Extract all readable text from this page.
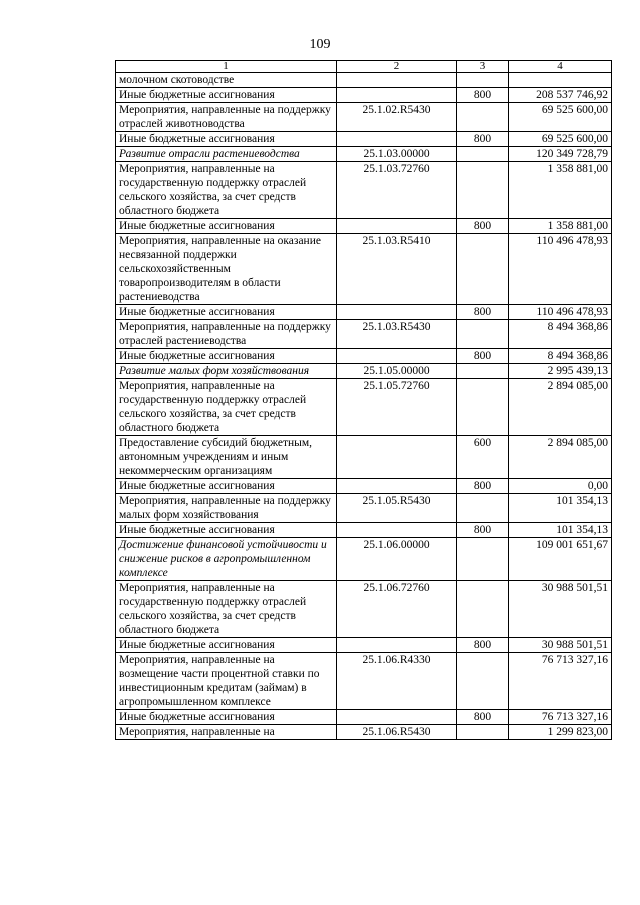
109
1	2	3	4
молочном скотоводстве			
Иные бюджетные ассигнования		800	208 537 746,92
Мероприятия, направленные на поддержку отраслей животноводства	25.1.02.R5430		69 525 600,00
Иные бюджетные ассигнования		800	69 525 600,00
Развитие отрасли растениеводства	25.1.03.00000		120 349 728,79
Мероприятия, направленные на государственную поддержку отраслей сельского хозяйства, за счет средств областного бюджета	25.1.03.72760		1 358 881,00
Иные бюджетные ассигнования		800	1 358 881,00
Мероприятия, направленные на оказание несвязанной поддержки сельскохозяйственным товаропроизводителям в области растениеводства	25.1.03.R5410		110 496 478,93
Иные бюджетные ассигнования		800	110 496 478,93
Мероприятия, направленные на поддержку отраслей растениеводства	25.1.03.R5430		8 494 368,86
Иные бюджетные ассигнования		800	8 494 368,86
Развитие малых форм хозяйствования	25.1.05.00000		2 995 439,13
Мероприятия, направленные на государственную поддержку отраслей сельского хозяйства, за счет средств областного бюджета	25.1.05.72760		2 894 085,00
Предоставление субсидий бюджетным, автономным учреждениям и иным некоммерческим организациям		600	2 894 085,00
Иные бюджетные ассигнования		800	0,00
Мероприятия, направленные на поддержку малых форм хозяйствования	25.1.05.R5430		101 354,13
Иные бюджетные ассигнования		800	101 354,13
Достижение финансовой устойчивости и снижение рисков в агропромышленном комплексе	25.1.06.00000		109 001 651,67
Мероприятия, направленные на государственную поддержку отраслей сельского хозяйства, за счет средств областного бюджета	25.1.06.72760		30 988 501,51
Иные бюджетные ассигнования		800	30 988 501,51
Мероприятия, направленные на возмещение части процентной ставки по инвестиционным кредитам (займам) в агропромышленном комплексе	25.1.06.R4330		76 713 327,16
Иные бюджетные ассигнования		800	76 713 327,16
Мероприятия, направленные на	25.1.06.R5430		1 299 823,00
